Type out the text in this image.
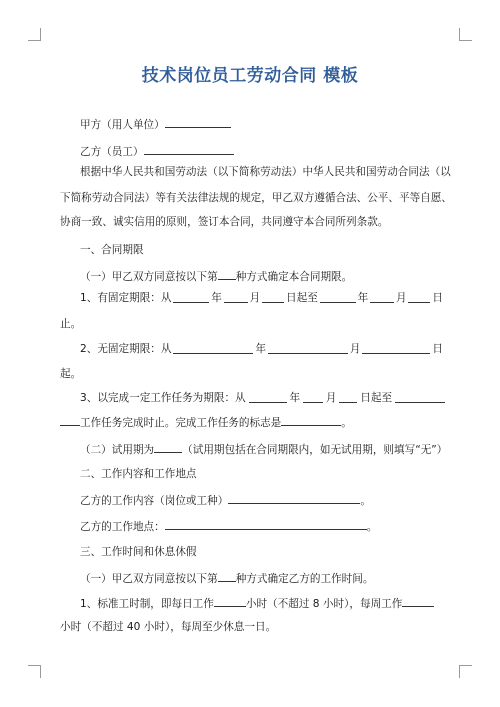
技术岗位员工劳动合同 模板
甲方（用人单位）
乙方（员工）
根据中华人民共和国劳动法（以下简称劳动法）中华人民共和国劳动合同法（以
下简称劳动合同法）等有关法律法规的规定，甲乙双方遵循合法、公平、平等自愿、
协商一致、诚实信用的原则，签订本合同，共同遵守本合同所列条款。
一、合同期限
（一）甲乙双方同意按以下第 种方式确定本合同期限。
1、有固定期限：从	年	月 日起至	年	月 日
止。
2、无固定期限：从	年	月	日
起。
3、以完成一定工作任务为期限：从	年 月 日起至
工作任务完成时止。完成工作任务的标志是	。
（二）试用期为	（试用期包括在合同期限内，如无试用期，则填写“无”）
二、工作内容和工作地点
乙方的工作内容（岗位或工种）	。
乙方的工作地点：	。
三、工作时间和休息休假
（一）甲乙双方同意按以下第 种方式确定乙方的工作时间。
1、标准工时制，即每日工作	小时（不超过 8 小时），每周工作
小时（不超过 40 小时），每周至少休息一日。
